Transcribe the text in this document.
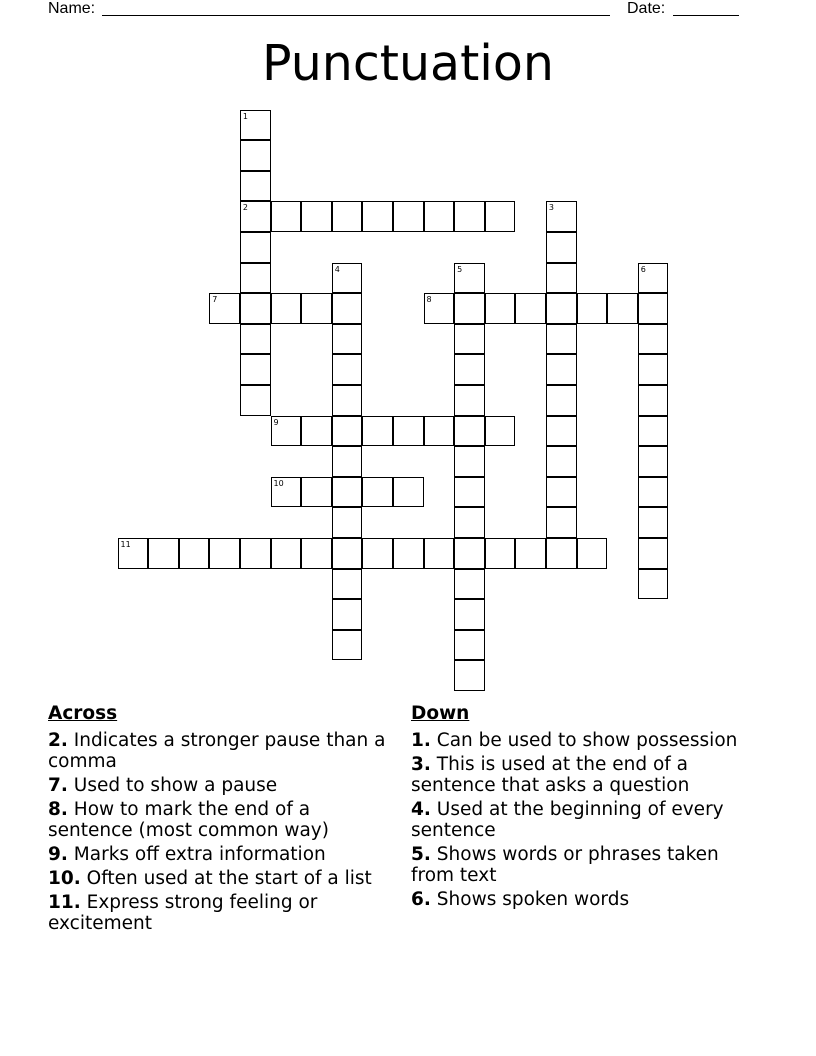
Name:	Date:
Punctuation
1
2	3
4	5	6
7	8
9
10
11
Across
2. Indicates a stronger pause than a comma
7. Used to show a pause
8. How to mark the end of a sentence (most common way)
9. Marks off extra information
10. Often used at the start of a list
11. Express strong feeling or excitement
Down
1. Can be used to show possession
3. This is used at the end of a sentence that asks a question
4. Used at the beginning of every sentence
5. Shows words or phrases taken from text
6. Shows spoken words
